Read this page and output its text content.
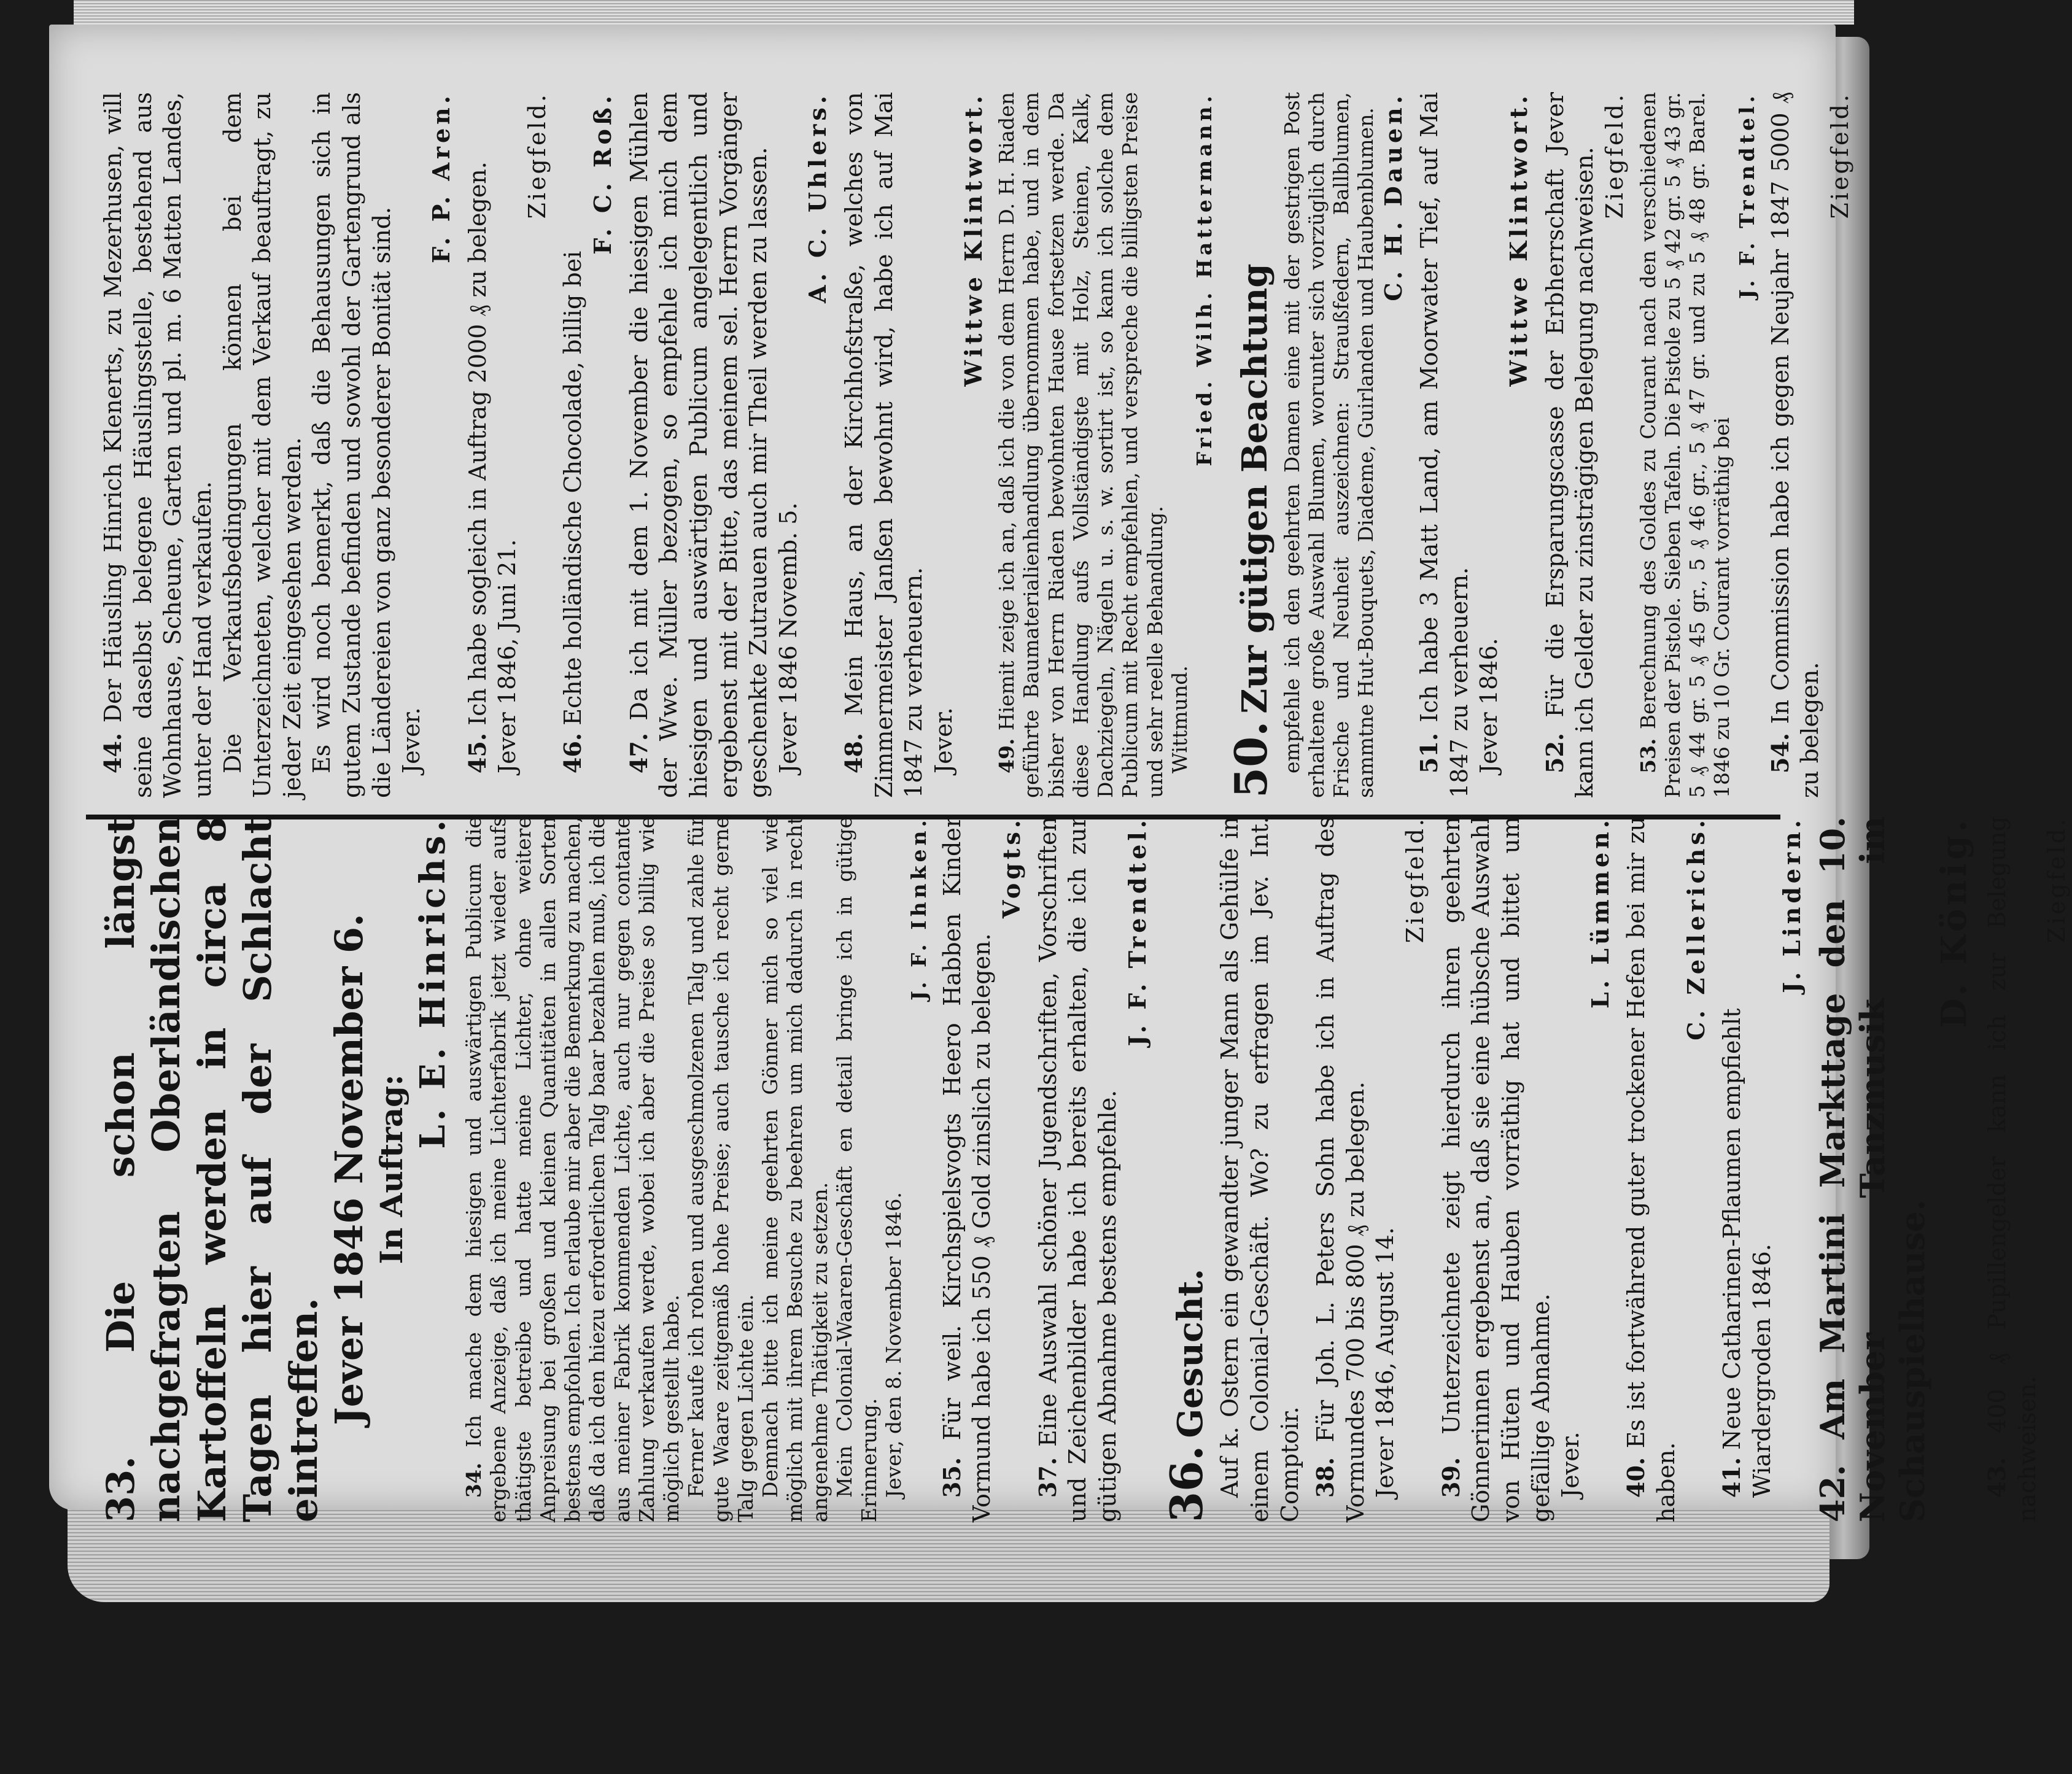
33. Die schon längst nachgefragten Oberländischen Kartoffeln werden in circa 8 Tagen hier auf der Schlacht eintreffen. Jever 1846 November 6. In Auftrag:

L. E. Hinrichs.

34. Ich mache dem hiesigen und auswärtigen Publicum die ergebene Anzeige, daß ich meine Lichterfabrik jetzt wieder aufs thätigste betreibe und hatte meine Lichter, ohne weitere Anpreisung bei großen und kleinen Quantitäten in allen Sorten bestens empfohlen. Ich erlaube mir aber die Bemerkung zu machen, daß da ich den hiezu erforderlichen Talg baar bezahlen muß, ich die aus meiner Fabrik kommenden Lichte, auch nur gegen contante Zahlung verkaufen werde, wobei ich aber die Preise so billig wie möglich gestellt habe. Ferner kaufe ich rohen und ausgeschmolzenen Talg und zahle für gute Waare zeitgemäß hohe Preise; auch tausche ich recht gerne Talg gegen Lichte ein. Demnach bitte ich meine geehrten Gönner mich so viel wie möglich mit ihrem Besuche zu beehren um mich dadurch in recht angenehme Thätigkeit zu setzen. Mein Colonial-Waaren-Geschäft en detail bringe ich in gütige Erinnerung. Jever, den 8. November 1846.

J. F. Ihnken.

35. Für weil. Kirchspielsvogts Heero Habben Kinder Vormund habe ich 550 ₰ Gold zinslich zu belegen.

Vogts.

37. Eine Auswahl schöner Jugendschriften, Vorschriften und Zeichenbilder habe ich bereits erhalten, die ich zur gütigen Abnahme bestens empfehle.

J. F. Trendtel.

36. Gesucht. Auf k. Ostern ein gewandter junger Mann als Gehülfe in einem Colonial-Geschäft. Wo? zu erfragen im Jev. Int. Comptoir. 38. Für Joh. L. Peters Sohn habe ich in Auftrag des Vormundes 700 bis 800 ₰ zu belegen. Jever 1846, August 14.

Ziegfeld.

39. Unterzeichnete zeigt hierdurch ihren geehrten Gönnerinnen ergebenst an, daß sie eine hübsche Auswahl von Hüten und Hauben vorräthig hat und bittet um gefällige Abnahme. Jever.

L. Lümmen.

40. Es ist fortwährend guter trockener Hefen bei mir zu haben.

C. Zellerichs.

41. Neue Catharinen-Pflaumen empfiehlt Wiardergroden 1846.

J. Lindern.

42. Am Martini Markttage den 10. November Tanzmusik im Schauspielhause.

D. König.

43. 400 ₰ Pupillengelder kann ich zur Belegung nachweisen.

Ziegfeld.

44. Der Häusling Hinrich Klenerts, zu Mezerhusen, will seine daselbst belegene Häuslingsstelle, bestehend aus Wohnhause, Scheune, Garten und pl. m. 6 Matten Landes, unter der Hand verkaufen. Die Verkaufsbedingungen können bei dem Unterzeichneten, welcher mit dem Verkauf beauftragt, zu jeder Zeit eingesehen werden. Es wird noch bemerkt, daß die Behausungen sich in gutem Zustande befinden und sowohl der Gartengrund als die Ländereien von ganz besonderer Bonität sind. Jever.

F. P. Aren.

45. Ich habe sogleich in Auftrag 2000 ₰ zu belegen. Jever 1846, Juni 21.

Ziegfeld.

46. Echte holländische Chocolade, billig bei

F. C. Roß.

47. Da ich mit dem 1. November die hiesigen Mühlen der Wwe. Müller bezogen, so empfehle ich mich dem hiesigen und auswärtigen Publicum angelegentlich und ergebenst mit der Bitte, das meinem sel. Herrn Vorgänger geschenkte Zutrauen auch mir Theil werden zu lassen. Jever 1846 Novemb. 5.

A. C. Uhlers.

48. Mein Haus, an der Kirchhofstraße, welches von Zimmermeister Janßen bewohnt wird, habe ich auf Mai 1847 zu verheuern. Jever.

Wittwe Klintwort.

49. Hiemit zeige ich an, daß ich die von dem Herrn D. H. Riaden geführte Baumaterialienhandlung übernommen habe, und in dem bisher von Herrn Riaden bewohnten Hause fortsetzen werde. Da diese Handlung aufs Vollständigste mit Holz, Steinen, Kalk, Dachziegeln, Nägeln u. s. w. sortirt ist, so kann ich solche dem Publicum mit Recht empfehlen, und verspreche die billigsten Preise und sehr reelle Behandlung. Wittmund.

Fried. Wilh. Hattermann.

50. Zur gütigen Beachtung empfehle ich den geehrten Damen eine mit der gestrigen Post erhaltene große Auswahl Blumen, worunter sich vorzüglich durch Frische und Neuheit auszeichnen: Straußfedern, Ballblumen, sammtne Hut-Bouquets, Diademe, Guirlanden und Haubenblumen. C. H. Dauen.

51. Ich habe 3 Matt Land, am Moorwater Tief, auf Mai 1847 zu verheuern. Jever 1846.

Wittwe Klintwort.

52. Für die Ersparungscasse der Erbherrschaft Jever kann ich Gelder zu zinsträgigen Belegung nachweisen. Ziegfeld.

53. Berechnung des Goldes zu Courant nach den verschiedenen Preisen der Pistole. Sieben Tafeln. Die Pistole zu 5 ₰ 42 gr. 5 ₰ 43 gr. 5 ₰ 44 gr. 5 ₰ 45 gr., 5 ₰ 46 gr., 5 ₰ 47 gr. und zu 5 ₰ 48 gr. Barel. 1846 zu 10 Gr. Courant vorräthig bei

J. F. Trendtel.

54. In Commission habe ich gegen Neujahr 1847 5000 ₰ zu belegen.

Ziegfeld.
